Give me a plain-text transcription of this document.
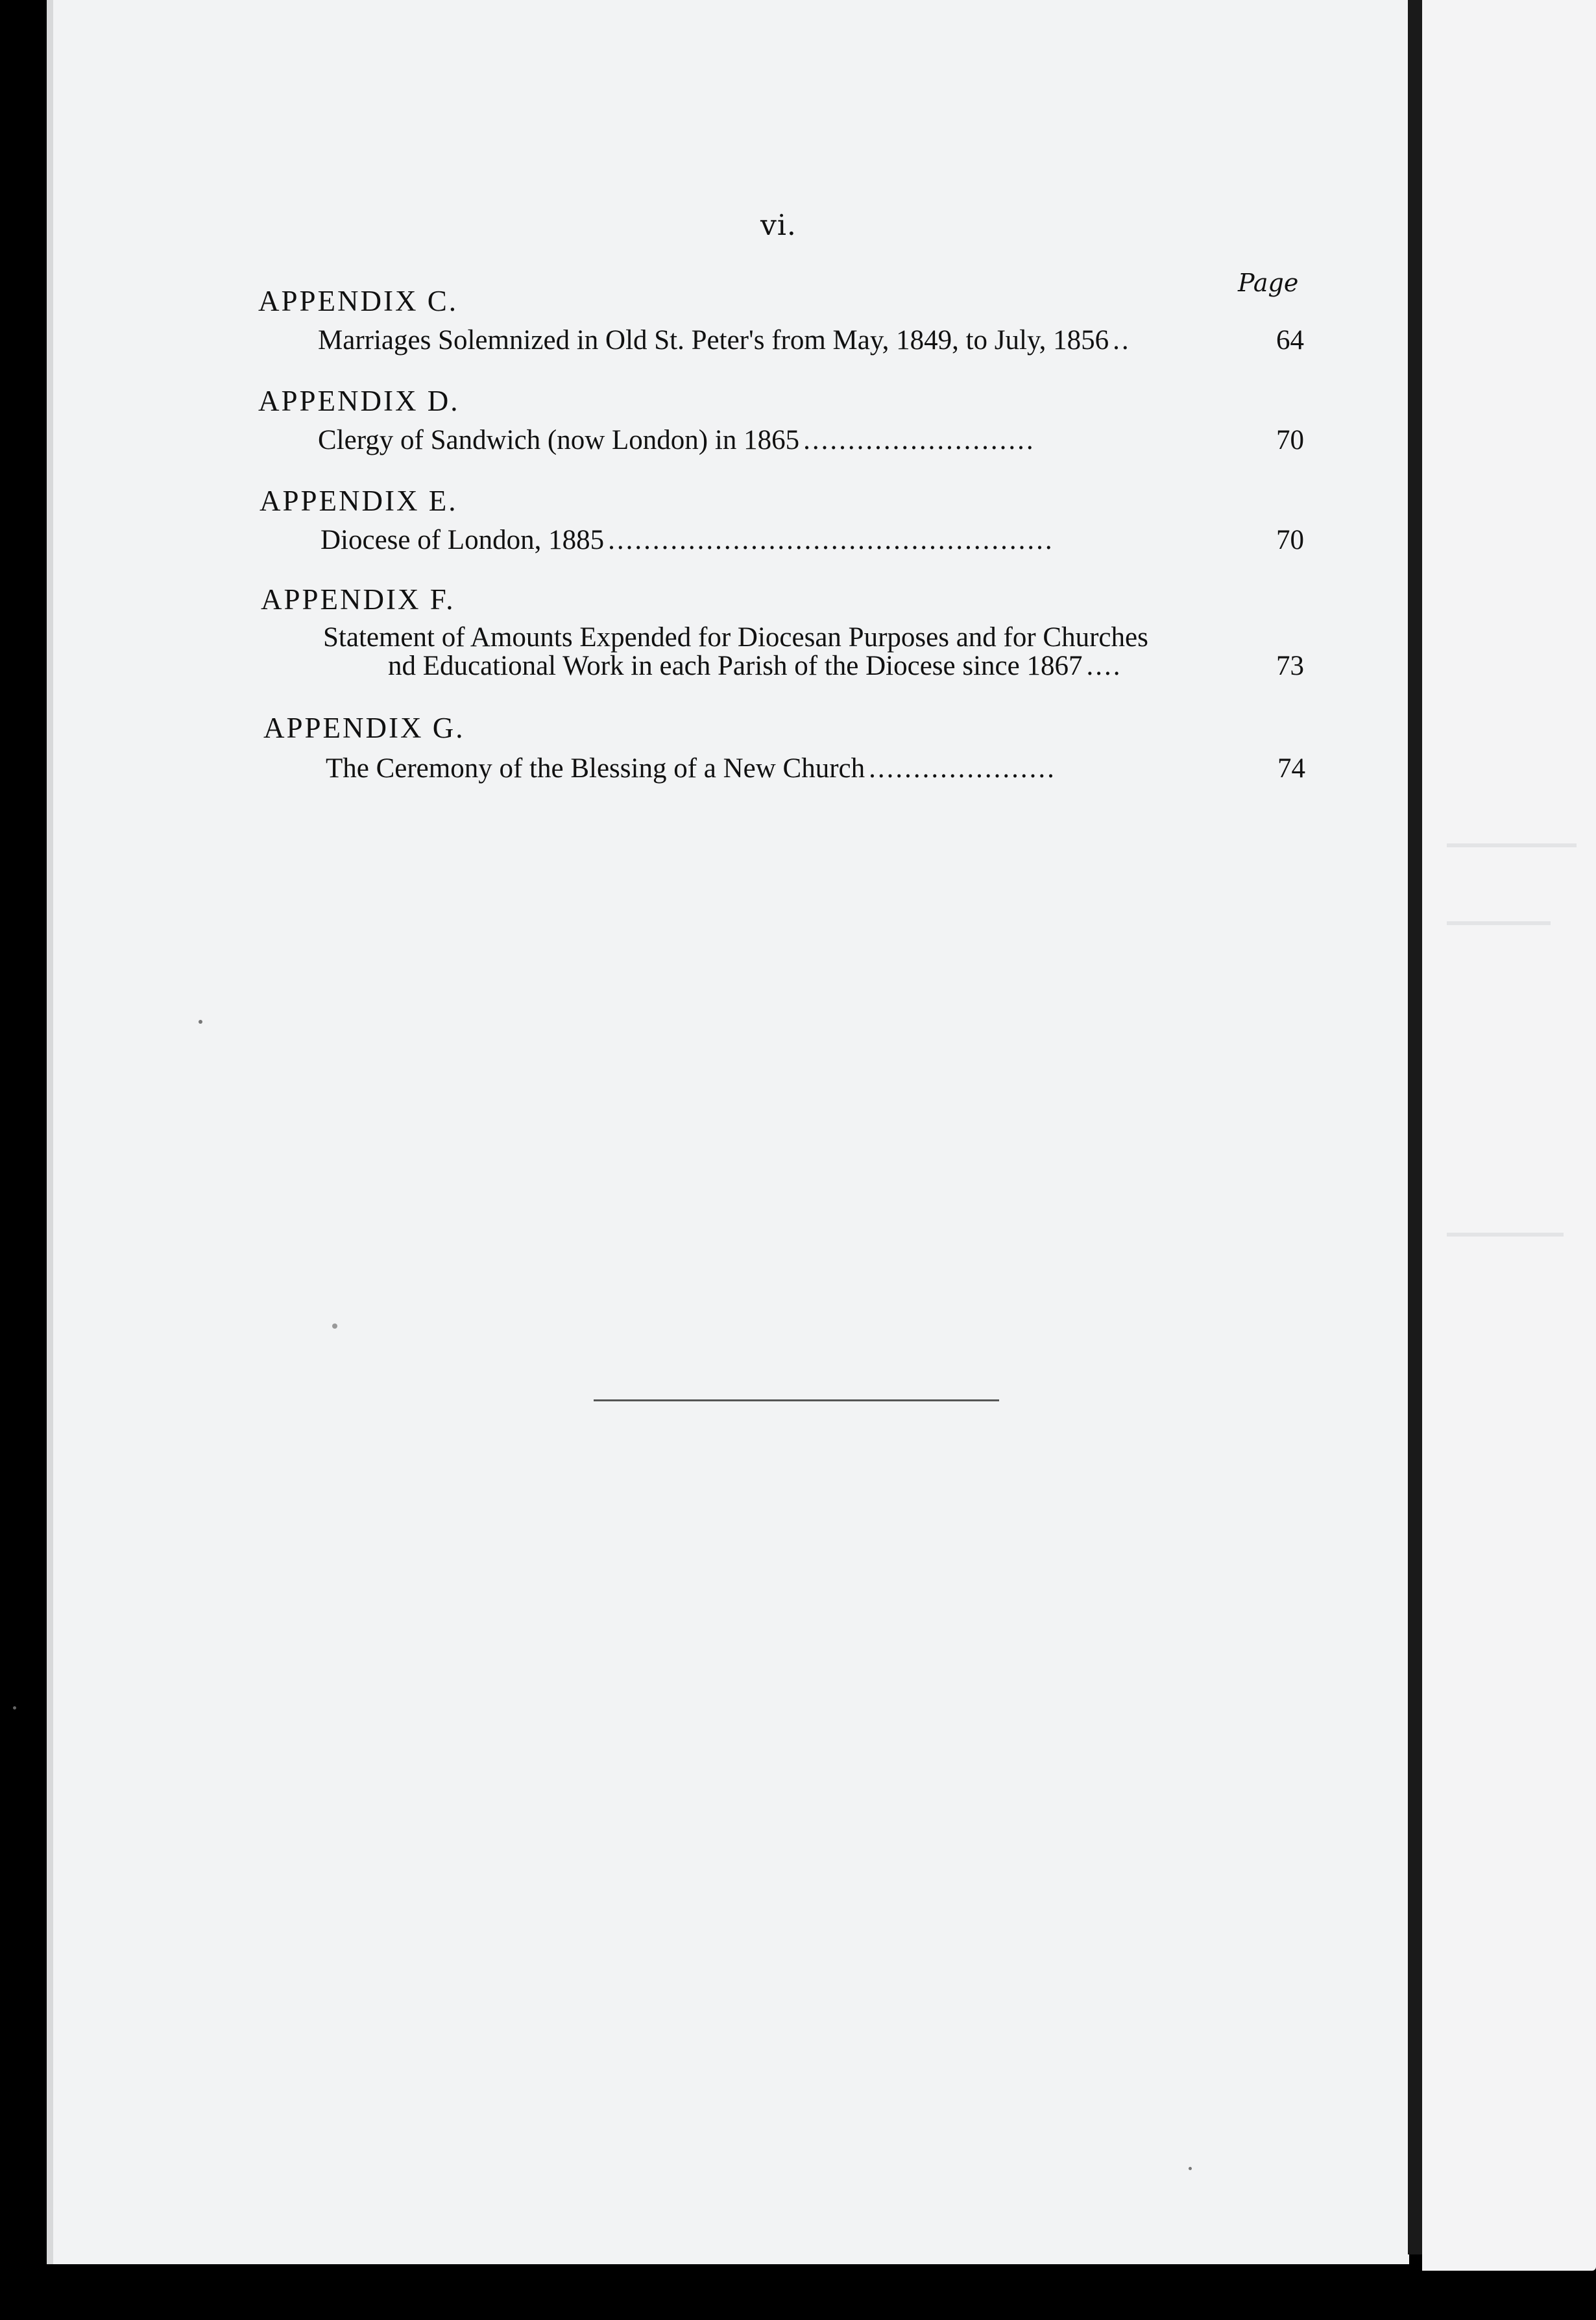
vi.
Page
APPENDIX C.
Marriages Solemnized in Old St. Peter's from May, 1849, to July, 1856 ..	64
APPENDIX D.
Clergy of Sandwich (now London) in 1865 ..........................	70
APPENDIX E.
Diocese of London, 1885 ..................................................	70
APPENDIX F.
Statement of Amounts Expended for Diocesan Purposes and for Churches
nd Educational Work in each Parish of the Diocese since 1867 ....	73
APPENDIX G.
The Ceremony of the Blessing of a New Church .....................	74
